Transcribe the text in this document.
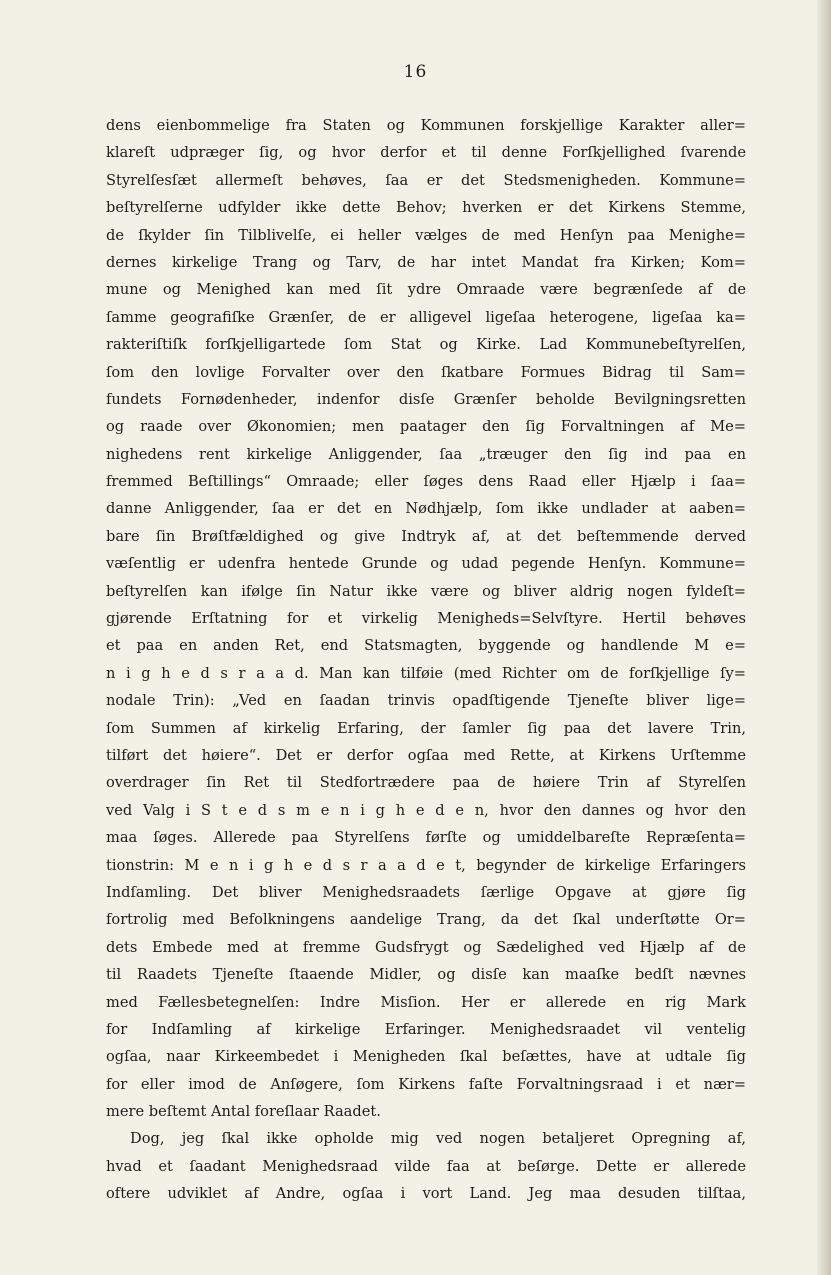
16
dens eienbommelige fra Staten og Kommunen forskjellige Karakter aller=
klareſt udpræger ſig, og hvor derfor et til denne Forſkjellighed ſvarende
Styrelſesſæt allermeſt behøves, ſaa er det Stedsmenigheden. Kommune=
beſtyrelſerne udfylder ikke dette Behov; hverken er det Kirkens Stemme,
de ſkylder ſin Tilblivelſe, ei heller vælges de med Henſyn paa Menighe=
dernes kirkelige Trang og Tarv, de har intet Mandat fra Kirken; Kom=
mune og Menighed kan med ſit ydre Omraade være begrænſede af de
ſamme geografiſke Grænſer, de er alligevel ligeſaa heterogene, ligeſaa ka=
rakteriſtiſk forſkjelligartede ſom Stat og Kirke. Lad Kommunebeſtyrelſen,
ſom den lovlige Forvalter over den ſkatbare Formues Bidrag til Sam=
fundets Fornødenheder, indenfor disſe Grænſer beholde Bevilgningsretten
og raade over Økonomien; men paatager den ſig Forvaltningen af Me=
nighedens rent kirkelige Anliggender, ſaa „træuger den ſig ind paa en
fremmed Beſtillings“ Omraade; eller ſøges dens Raad eller Hjælp i ſaa=
danne Anliggender, ſaa er det en Nødhjælp, ſom ikke undlader at aaben=
bare ſin Brøſtfældighed og give Indtryk af, at det beſtemmende derved
væſentlig er udenfra hentede Grunde og udad pegende Henſyn. Kommune=
beſtyrelſen kan ifølge ſin Natur ikke være og bliver aldrig nogen fyldeſt=
gjørende Erſtatning for et virkelig Menigheds=Selvſtyre. Hertil behøves
et paa en anden Ret, end Statsmagten, byggende og handlende M e=
n i g h e d s r a a d. Man kan tilføie (med Richter om de forſkjellige ſy=
nodale Trin): „Ved en ſaadan trinvis opadſtigende Tjeneſte bliver lige=
ſom Summen af kirkelig Erfaring, der ſamler ſig paa det lavere Trin,
tilført det høiere“. Det er derfor ogſaa med Rette, at Kirkens Urſtemme
overdrager ſin Ret til Stedfortrædere paa de høiere Trin af Styrelſen
ved Valg i S t e d s m e n i g h e d e n, hvor den dannes og hvor den
maa ſøges. Allerede paa Styrelſens førſte og umiddelbareſte Repræſenta=
tionstrin: M e n i g h e d s r a a d e t, begynder de kirkelige Erfaringers
Indſamling. Det bliver Menighedsraadets ſærlige Opgave at gjøre ſig
fortrolig med Befolkningens aandelige Trang, da det ſkal underſtøtte Or=
dets Embede med at fremme Gudsfrygt og Sædelighed ved Hjælp af de
til Raadets Tjeneſte ſtaaende Midler, og disſe kan maaſke bedſt nævnes
med Fællesbetegnelſen: Indre Misſion. Her er allerede en rig Mark
for Indſamling af kirkelige Erfaringer. Menighedsraadet vil ventelig
ogſaa, naar Kirkeembedet i Menigheden ſkal beſættes, have at udtale ſig
for eller imod de Anſøgere, ſom Kirkens faſte Forvaltningsraad i et nær=
mere beſtemt Antal foreſlaar Raadet.
Dog, jeg ſkal ikke opholde mig ved nogen betaljeret Opregning af,
hvad et ſaadant Menighedsraad vilde faa at beſørge. Dette er allerede
oftere udviklet af Andre, ogſaa i vort Land. Jeg maa desuden tilſtaa,
